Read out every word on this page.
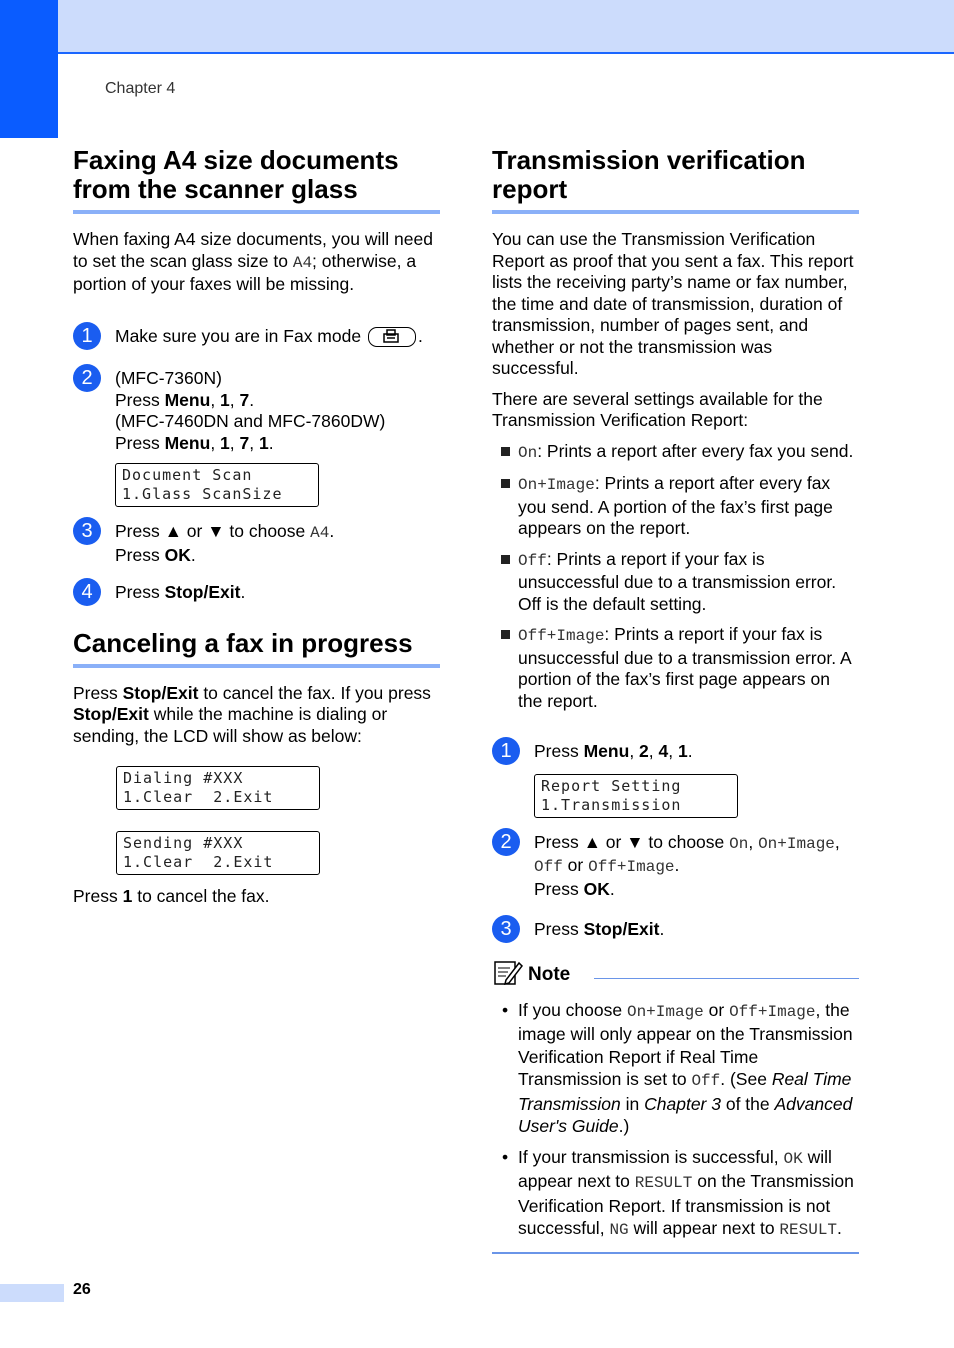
Chapter 4
Faxing A4 size documents from the scanner glass

When faxing A4 size documents, you will need to set the scan glass size to A4; otherwise, a portion of your faxes will be missing.

1	Make sure you are in Fax mode	.
2	(MFC-7360N)
Press Menu, 1, 7.
(MFC-7460DN and MFC-7860DW)
Press Menu, 1, 7, 1.
Document Scan
1.Glass ScanSize
3	Press ▲ or ▼ to choose A4.
Press OK.
4	Press Stop/Exit.
Canceling a fax in progress

Press Stop/Exit to cancel the fax. If you press Stop/Exit while the machine is dialing or sending, the LCD will show as below:

Dialing #XXX
1.Clear  2.Exit
Sending #XXX
1.Clear  2.Exit

Press 1 to cancel the fax.

Transmission verification report

You can use the Transmission Verification Report as proof that you sent a fax. This report lists the receiving party’s name or fax number, the time and date of transmission, duration of transmission, number of pages sent, and whether or not the transmission was successful.

There are several settings available for the Transmission Verification Report:

On: Prints a report after every fax you send.
On+Image: Prints a report after every fax you send. A portion of the fax’s first page appears on the report.
Off: Prints a report if your fax is unsuccessful due to a transmission error. Off is the default setting.
Off+Image: Prints a report if your fax is unsuccessful due to a transmission error. A portion of the fax’s first page appears on the report.
1	Press Menu, 2, 4, 1.
Report Setting
1.Transmission
2	Press ▲ or ▼ to choose On, On+Image,
Off or Off+Image.
Press OK.
3	Press Stop/Exit.
Note
• If you choose On+Image or Off+Image, the image will only appear on the Transmission Verification Report if Real Time Transmission is set to Off. (See Real Time Transmission in Chapter 3 of the Advanced User's Guide.)
• If your transmission is successful, OK will appear next to RESULT on the Transmission Verification Report. If transmission is not successful, NG will appear next to RESULT.
26
